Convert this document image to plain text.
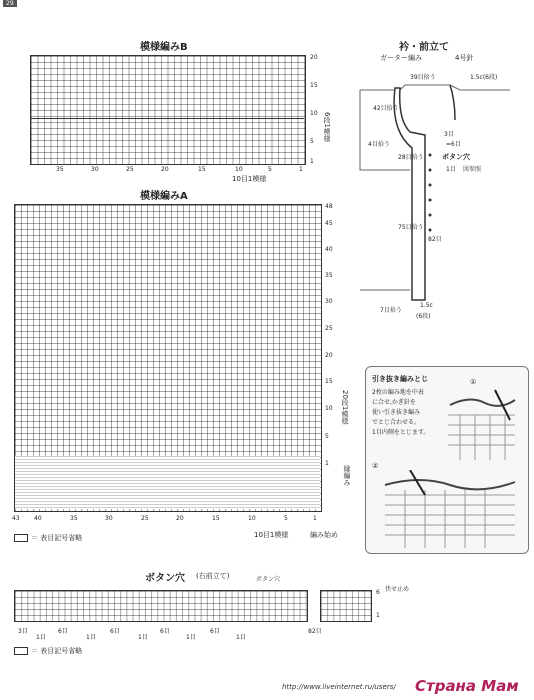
29
模様編みB
20
15
10
5
1
6段1模様
35	30	25	20	15	10	5	1
10目1模様
模様編みA
48
45
40
35
30
25
20
15
10
5
1
20段1模様
縁編み
43 40	35	30	25	20	15	10	5	1
10目1模様	編み始め
＝ 表目記号省略
衿・前立て
ガーター編み	4号針
39目拾う	1.5c(6段)
42目拾う
3目
4目拾う	=6目
28目拾う	ボタン穴
1目 図参照
75目拾う
82目
7目拾う
1.5c
(6段)
引き抜き編みとじ
2枚の編み地を中表
に合せ,かぎ針を
使い引き抜き編み
でとじ合わせる。
1目内側をとじます。
①
②
ボタン穴 (右前立て)	ボタン穴
伏せ止め
6
1
3目
1目
6目
1目
6目
1目
6目
1目
6目
1目
82目
＝ 表目記号省略
http://www.liveinternet.ru/users/ Страна Мам
